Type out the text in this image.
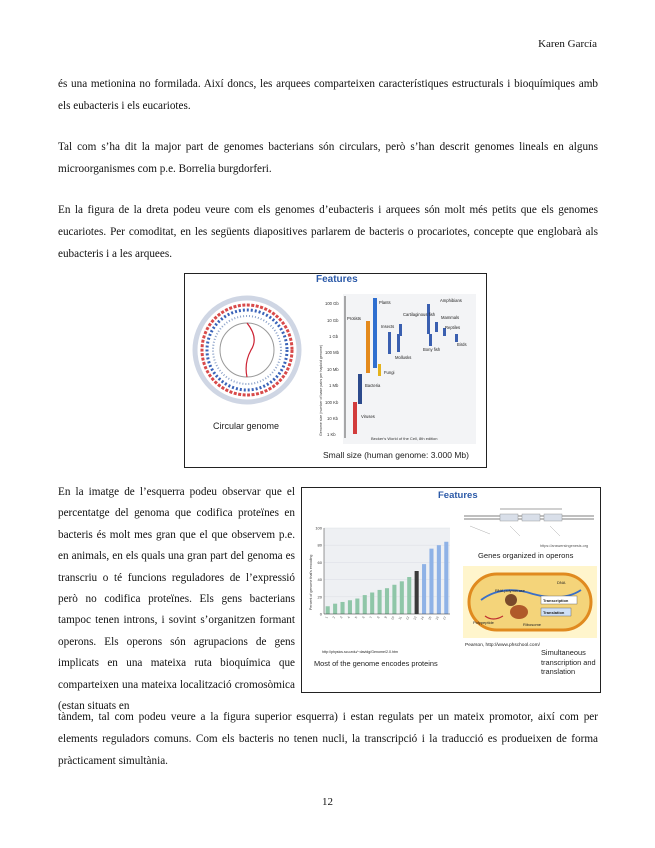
Karen García
és una metionina no formilada. Així doncs, les arquees comparteixen característiques estructurals i bioquímiques amb els eubacteris i els eucariotes.
Tal com s’ha dit la major part de genomes bacterians són circulars, però s’han descrit genomes lineals en alguns microorganismes com p.e. Borrelia burgdorferi.
En la figura de la dreta podeu veure com els genomes d’eubacteris i arquees són molt més petits que els genomes eucariotes. Per comoditat, en les següents diapositives parlarem de bacteris o procariotes, concepte que englobarà als eubacteris i a les arquees.
Features
Circular genome
1 Kb
10 Kb
100 Kb
1 Mb
10 Mb
100 Mb
1 Gb
10 Gb
100 Gb
Genome size (number of base pairs per haploid genome)
Plants	Amphibians
Protists
Insects
Cartilaginous fish
Mammals
Reptiles
Birds
Mollusks
Bony fish
Fungi
Bacteria
Viruses
Becker's World of the Cell, 8th edition
Small size (human genome: 3.000 Mb)
En la imatge de l’esquerra podeu observar que el percentatge del genoma que codifica proteïnes en bacteris és molt mes gran que el que observem p.e. en animals, en els quals una gran part del genoma es transcriu o té funcions reguladores de l’expressió però no codifica proteïnes. Els gens bacterians tampoc tenen introns, i sovint s’organitzen formant operons. Els operons són agrupacions de gens implicats en una mateixa ruta bioquímica que comparteixen una mateixa localització cromosòmica (estan situats en
Features
0
20
40
60
80
100
Percent of genome that's encoding
1 2 3 4 5 6 7 8 9 10 11 12 13 14 15 16 17
http://physics.scu.edu/~davidg/Genome/2.0.htm
Most of the genome encodes proteins
https://answersingenesis.org
Genes organized in operons
DNA
RNA polymerase
Ribosome
Polypeptide
Transcription
Translation
Pearson, http://www.phschool.com/
Simultaneous transcription and translation
tàndem, tal com podeu veure a la figura superior esquerra) i estan regulats per un mateix promotor, així com per elements reguladors comuns. Com els bacteris no tenen nucli, la transcripció i la traducció es produeixen de forma pràcticament simultània.
12
